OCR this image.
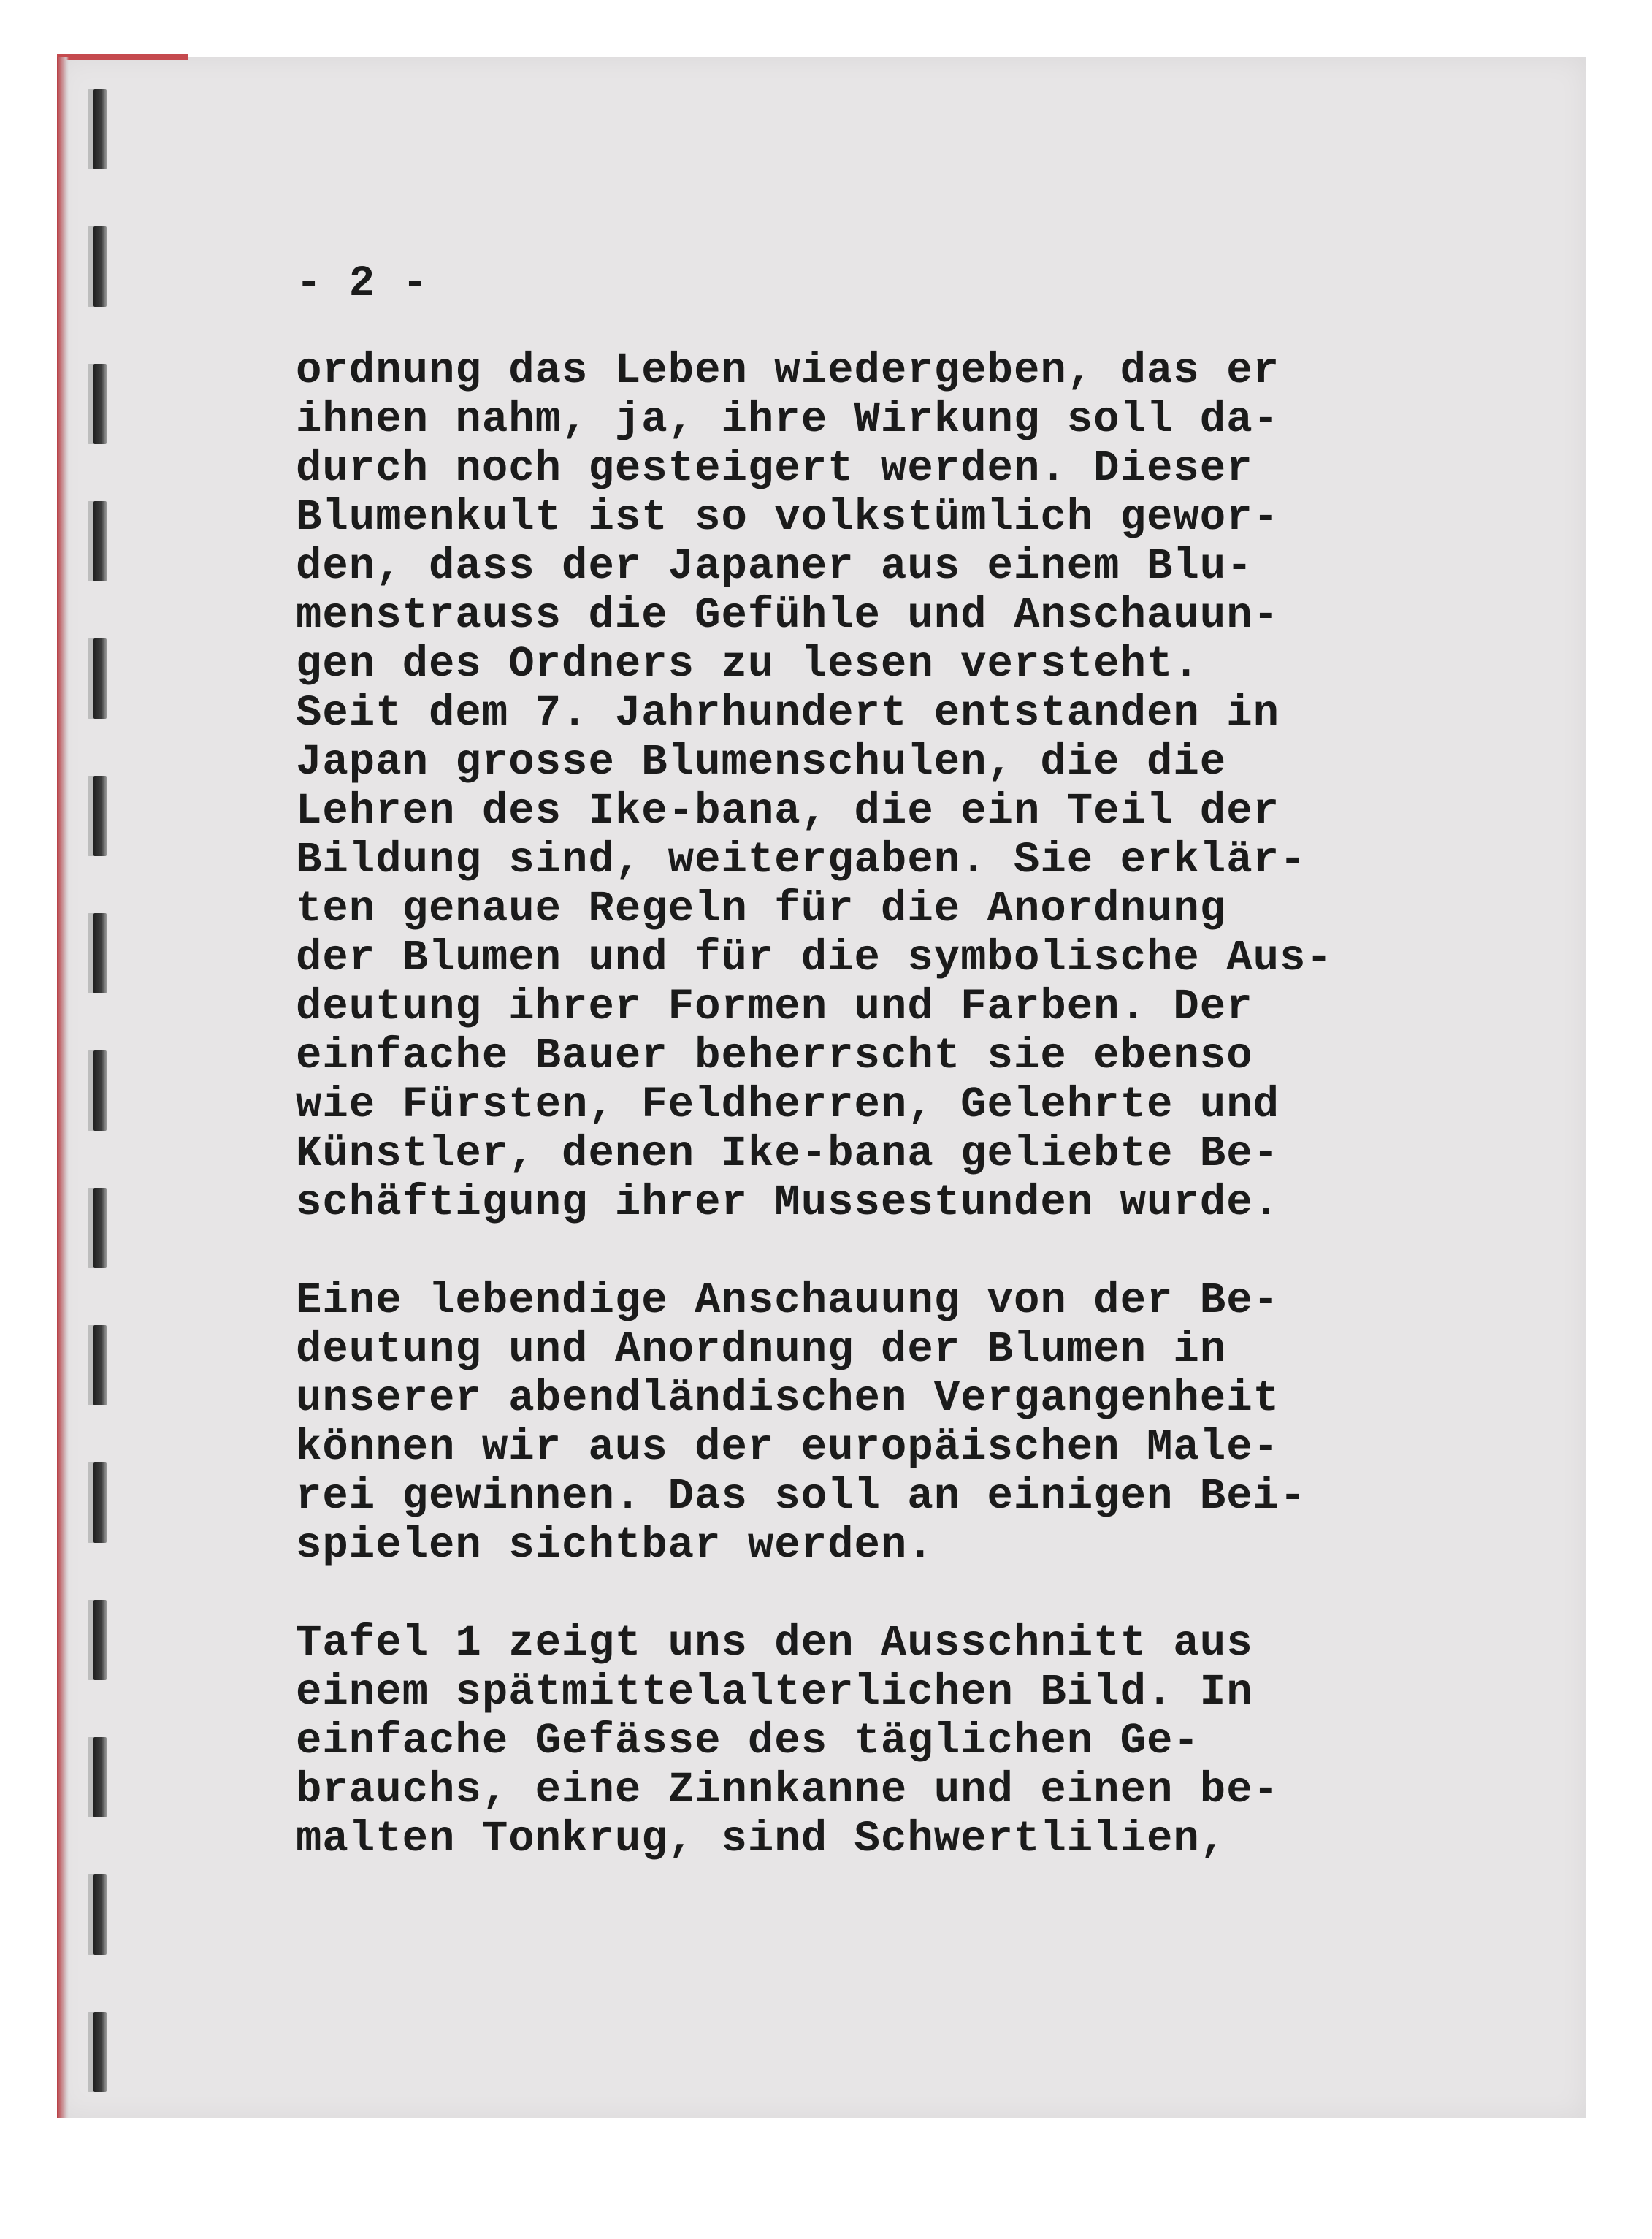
- 2 -
ordnung das Leben wiedergeben, das er
ihnen nahm, ja, ihre Wirkung soll da-
durch noch gesteigert werden. Dieser
Blumenkult ist so volkstümlich gewor-
den, dass der Japaner aus einem Blu-
menstrauss die Gefühle und Anschauun-
gen des Ordners zu lesen versteht.
Seit dem 7. Jahrhundert entstanden in
Japan grosse Blumenschulen, die die
Lehren des Ike-bana, die ein Teil der
Bildung sind, weitergaben. Sie erklär-
ten genaue Regeln für die Anordnung
der Blumen und für die symbolische Aus-
deutung ihrer Formen und Farben. Der
einfache Bauer beherrscht sie ebenso
wie Fürsten, Feldherren, Gelehrte und
Künstler, denen Ike-bana geliebte Be-
schäftigung ihrer Mussestunden wurde.
Eine lebendige Anschauung von der Be-
deutung und Anordnung der Blumen in
unserer abendländischen Vergangenheit
können wir aus der europäischen Male-
rei gewinnen. Das soll an einigen Bei-
spielen sichtbar werden.
Tafel 1 zeigt uns den Ausschnitt aus
einem spätmittelalterlichen Bild. In
einfache Gefässe des täglichen Ge-
brauchs, eine Zinnkanne und einen be-
malten Tonkrug, sind Schwertlilien,
